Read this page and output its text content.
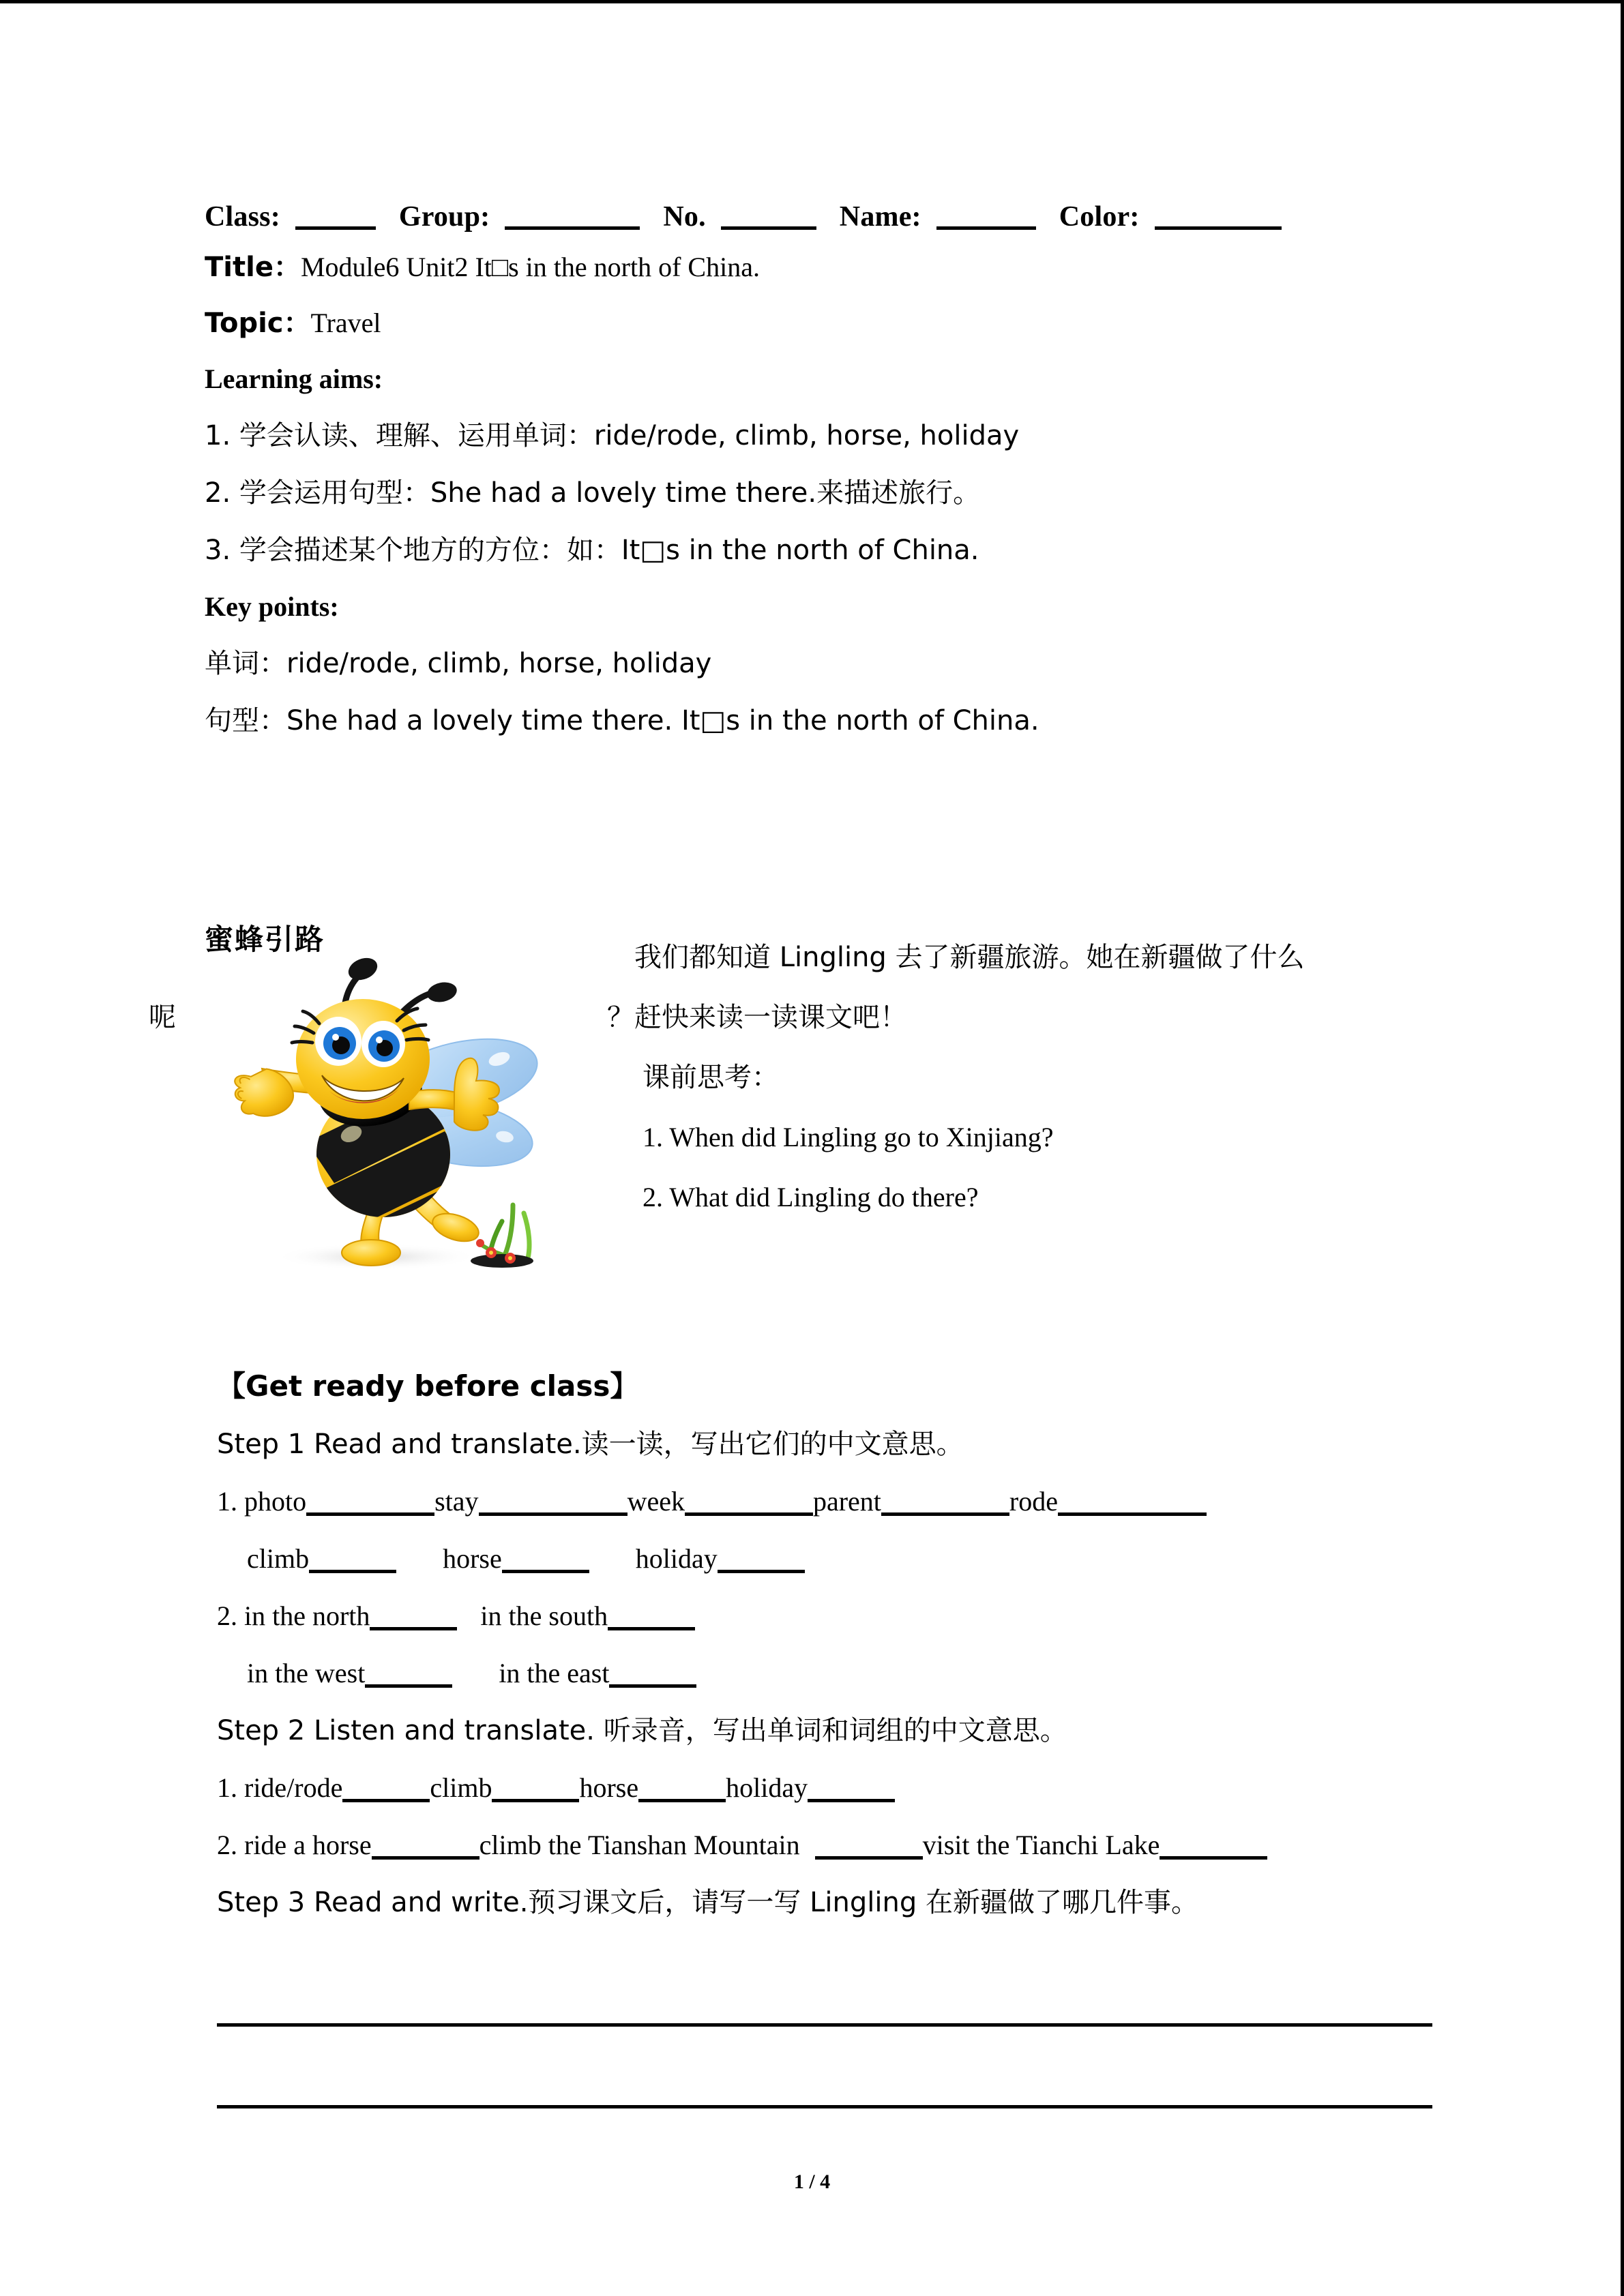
Class:	Group:	No.	Name:	Color:
Title：Module6 Unit2 It□s in the north of China.
Topic：Travel
Learning aims:
1. 学会认读、理解、运用单词：ride/rode, climb, horse, holiday
2. 学会运用句型：She had a lovely time there.来描述旅行。
3. 学会描述某个地方的方位：如：It□s in the north of China.
Key points:
单词：ride/rode, climb, horse, holiday
句型：She had a lovely time there. It□s in the north of China.
蜜蜂引路
呢
我们都知道 Lingling 去了新疆旅游。她在新疆做了什么
？赶快来读一读课文吧！
课前思考：
1. When did Lingling go to Xinjiang?
2. What did Lingling do there?
【Get ready before class】
Step 1 Read and translate.读一读，写出它们的中文意思。
1. photo	stay	week	parent	rode
climb	horse	holiday
2. in the north	in the south
in the west	in the east
Step 2 Listen and translate. 听录音，写出单词和词组的中文意思。
1. ride/rode	climb	horse	holiday
2. ride a horse	climb the Tianshan Mountain	visit the Tianchi Lake
Step 3 Read and write.预习课文后，请写一写 Lingling 在新疆做了哪几件事。
1 / 4
